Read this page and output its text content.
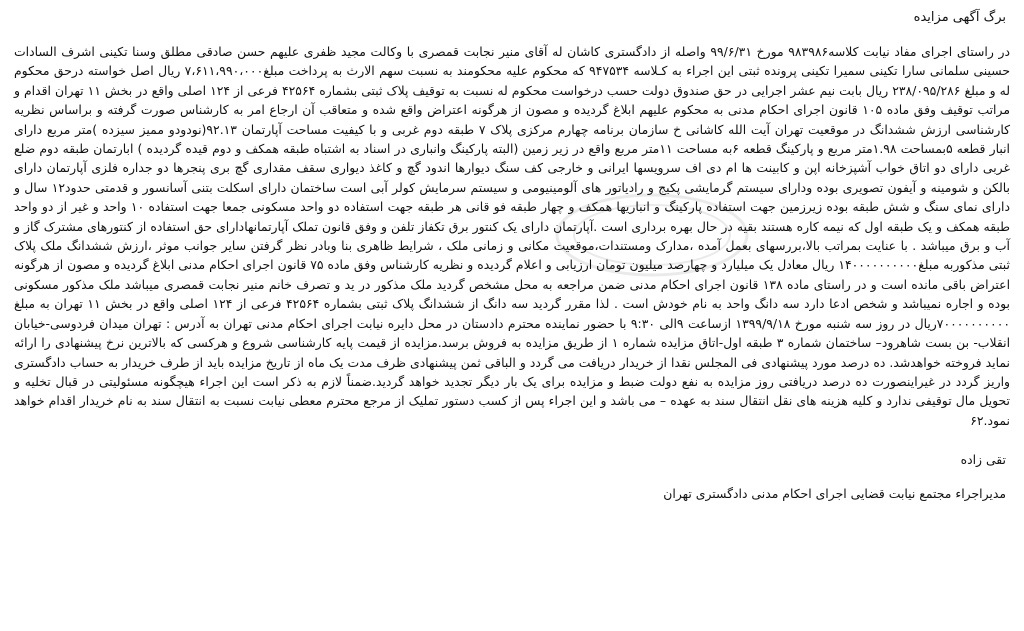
برگ آگهی مزایده

در راستای اجرای مفاد نیابت کلاسه۹۸۳۹۸۶ مورخ ۹۹/۶/۳۱ واصله از دادگستری کاشان له آقای منیر نجابت قمصری با وکالت مجید ظفری علیهم حسن صادقی مطلق وسنا تکینی اشرف السادات حسینی سلمانی سارا تکینی سمیرا تکینی پرونده ثبتی این اجراء به کـلاسه ۹۴۷۵۳۴ که محکوم علیه محکومند به نسبت سهم الارث به پرداخت مبلغ۷،۶۱۱،۹۹۰،۰۰۰ ریال اصل خواسته درحق محکوم له و مبلغ ۲۳۸/۰۹۵/۲۸۶ ریال بابت نیم عشر اجرایی در حق صندوق دولت حسب درخواست محکوم له نسبت به توقیف پلاک ثبتی بشماره ۴۲۵۶۴ فرعی از ۱۲۴ اصلی واقع در بخش ۱۱ تهران اقدام و مراتب توقیف وفق ماده ۱۰۵ قانون اجرای احکام مدنی به محکوم علیهم ابلاغ گردیده و مصون از هرگونه اعتراض واقع شده و متعاقب آن ارجاع امر به کارشناس صورت گرفته و براساس نظریه کارشناسی ارزش ششدانگ در موقعیت تهران آیت الله کاشانی خ سازمان برنامه چهارم مرکزی پلاک ۷ طبقه دوم غربی و با کیفیت مساحت آپارتمان ۹۲.۱۳(نودودو ممیز سیزده )متر مربع دارای انبار قطعه ۵بمساحت ۱.۹۸متر مربع و پارکینگ قطعه ۶به مساحت ۱۱متر مربع واقع در زیر زمین (البته پارکینگ وانباری در اسناد به اشتباه طبقه همکف و دوم قیده گردیده ) ابارتمان طبقه دوم ضلع غربی دارای دو اتاق خواب آشپزخانه اپن و کابینت ها ام دی اف سرویسها ایرانی و خارجی کف سنگ دیوارها اندود گچ و کاغذ دیواری سقف مقداری گچ بری پنجرها دو جداره فلزی آپارتمان دارای بالکن و شومینه و آیفون تصویری بوده ودارای سیستم گرمایشی پکیج و رادیاتور های آلومینیومی و سیستم سرمایش کولر آبی است ساختمان دارای اسکلت بتنی آسانسور و قدمتی حدود۱۲ سال و دارای نمای سنگ و شش طبقه بوده زیرزمین جهت استفاده پارکینگ و انباریها همکف و چهار طبقه فو قانی هر طبقه جهت استفاده دو واحد مسکونی جمعا جهت استفاده ۱۰ واحد و غیر از دو واحد طبقه همکف و یک طبقه اول که نیمه کاره هستند بقیه در حال بهره برداری است .آپارتمان دارای یک کنتور برق تکفاز تلفن و وفق قانون تملک آپارتمانهادارای حق استفاده از کنتورهای مشترک گاز و آب و برق میباشد . با عنایت بمراتب بالا،بررسهای بعمل آمده ،مدارک ومستندات،موقعیت مکانی و زمانی ملک ، شرایط ظاهری بنا وبادر نظر گرفتن سایر جوانب موثر ،ارزش ششدانگ ملک پلاک ثبتی مذکوربه مبلغ۱۴۰۰۰۰۰۰۰۰۰۰ ریال معادل یک میلیارد و چهارصد میلیون تومان ارزیابی و اعلام گردیده و نظریه کارشناس وفق ماده ۷۵ قانون اجرای احکام مدنی ابلاغ گردیده و مصون از هرگونه اعتراض باقی مانده است و در راستای ماده ۱۳۸ قانون اجرای احکام مدنی ضمن مراجعه به محل مشخص گردید ملک مذکور در ید و تصرف خانم منیر نجابت قمصری میباشد ملک مذکور مسکونی بوده و اجاره نمیباشد و شخص ادعا دارد سه دانگ واحد به نام خودش است . لذا مقرر گردید سه دانگ از ششدانگ پلاک ثبتی بشماره ۴۲۵۶۴ فرعی از ۱۲۴ اصلی واقع در بخش ۱۱ تهران به مبلغ ۷۰۰۰۰۰۰۰۰۰۰ریال در روز سه شنبه مورخ ۱۳۹۹/۹/۱۸ ازساعت ۹الی ۹:۳۰ با حضور نماینده محترم دادستان در محل دایره نیابت اجرای احکام مدنی تهران به آدرس : تهران میدان فردوسی-خیابان انقلاب- بن بست شاهرود– ساختمان شماره ۳ طبقه اول-اتاق مزایده شماره ۱ از طریق مزایده به فروش برسد.مزایده از قیمت پایه کارشناسی شروع و هرکسی که بالاترین نرخ پیشنهادی را ارائه نماید فروخته خواهدشد. ده درصد مورد پیشنهادی فی المجلس نقدا از خریدار دریافت می گردد و الباقی ثمن پیشنهادی ظرف مدت یک ماه از تاریخ مزایده باید از طرف خریدار به حساب دادگستری واریز گردد در غیراینصورت ده درصد دریافتی روز مزایده به نفع دولت ضبط و مزایده برای یک بار دیگر تجدید خواهد گردید.ضمناً لازم به ذکر است این اجراء هیچگونه مسئولیتی در قبال تخلیه و تحویل مال توقیفی ندارد و کلیه هزینه های نقل انتقال سند به عهده – می باشد و این اجراء پس از کسب دستور تملیک از مرجع محترم معطی نیابت نسبت به انتقال سند به نام خریدار اقدام خواهد نمود.۶۲

تقی زاده
مدیراجراء مجتمع نیابت قضایی اجرای احکام مدنی دادگستری تهران
